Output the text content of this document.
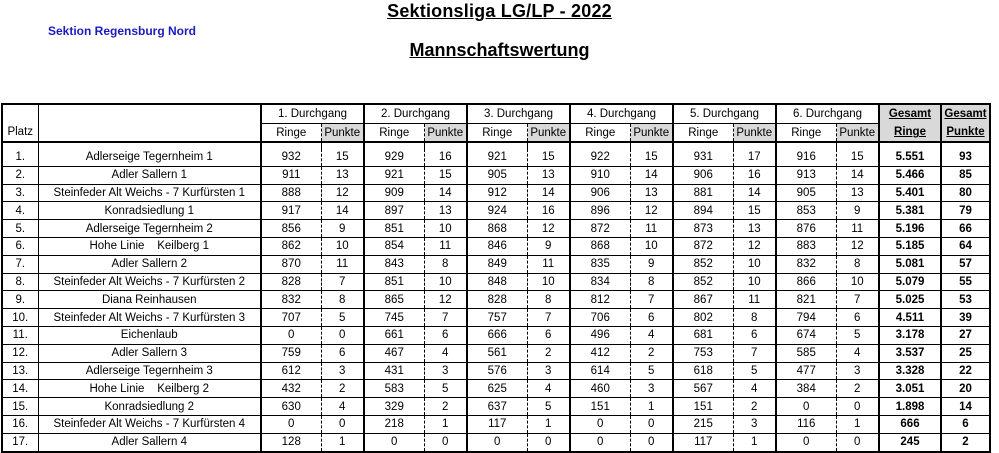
Sektionsliga LG/LP - 2022
Sektion Regensburg Nord
Mannschaftswertung
		1. Durchgang		2. Durchgang		3. Durchgang		4. Durchgang		5. Durchgang		6. Durchgang		Gesamt	Gesamt
Platz		Ringe	Punkte	Ringe	Punkte	Ringe	Punkte	Ringe	Punkte	Ringe	Punkte	Ringe	Punkte	Ringe	Punkte

1.	Adlerseige Tegernheim 1	932	15	929	16	921	15	922	15	931	17	916	15	5.551	93
2.	Adler Sallern 1	911	13	921	15	905	13	910	14	906	16	913	14	5.466	85
3.	Steinfeder Alt Weichs - 7 Kurfürsten 1	888	12	909	14	912	14	906	13	881	14	905	13	5.401	80
4.	Konradsiedlung 1	917	14	897	13	924	16	896	12	894	15	853	9	5.381	79
5.	Adlerseige Tegernheim 2	856	9	851	10	868	12	872	11	873	13	876	11	5.196	66
6.	Hohe Linie    Keilberg 1	862	10	854	11	846	9	868	10	872	12	883	12	5.185	64
7.	Adler Sallern 2	870	11	843	8	849	11	835	9	852	10	832	8	5.081	57
8.	Steinfeder Alt Weichs - 7 Kurfürsten 2	828	7	851	10	848	10	834	8	852	10	866	10	5.079	55
9.	Diana Reinhausen	832	8	865	12	828	8	812	7	867	11	821	7	5.025	53
10.	Steinfeder Alt Weichs - 7 Kurfürsten 3	707	5	745	7	757	7	706	6	802	8	794	6	4.511	39
11.	Eichenlaub	0	0	661	6	666	6	496	4	681	6	674	5	3.178	27
12.	Adler Sallern 3	759	6	467	4	561	2	412	2	753	7	585	4	3.537	25
13.	Adlerseige Tegernheim 3	612	3	431	3	576	3	614	5	618	5	477	3	3.328	22
14.	Hohe Linie    Keilberg 2	432	2	583	5	625	4	460	3	567	4	384	2	3.051	20
15.	Konradsiedlung 2	630	4	329	2	637	5	151	1	151	2	0	0	1.898	14
16.	Steinfeder Alt Weichs - 7 Kurfürsten 4	0	0	218	1	117	1	0	0	215	3	116	1	666	6
17.	Adler Sallern 4	128	1	0	0	0	0	0	0	117	1	0	0	245	2
